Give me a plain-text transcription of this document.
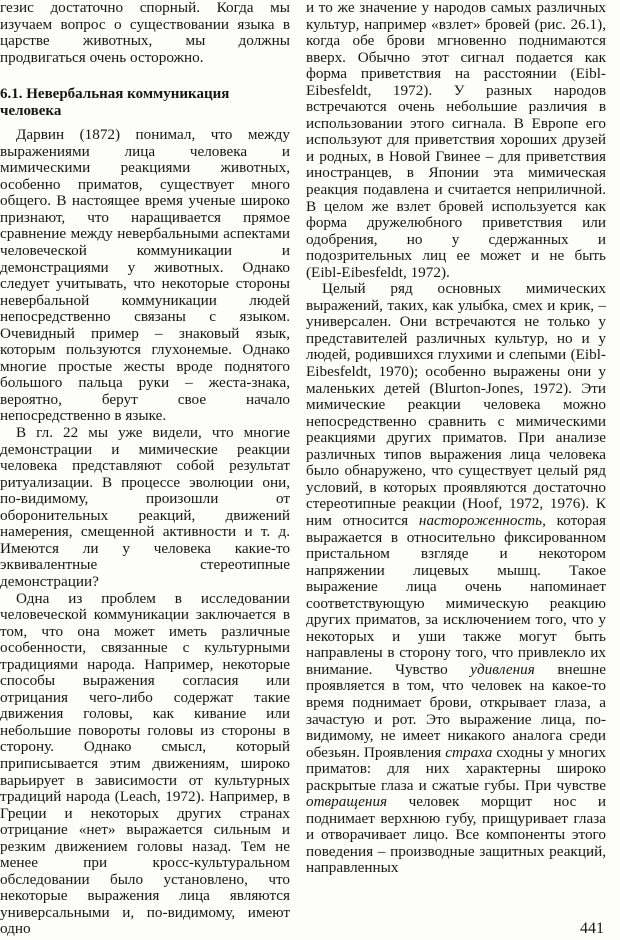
гезис достаточно спорный. Когда мы изучаем вопрос о существовании языка в царстве животных, мы должны продвигаться очень осторожно.

6.1. Невербальная коммуникация человека

Дарвин (1872) понимал, что между выражениями лица человека и мимическими реакциями животных, особенно приматов, существует много общего. В настоящее время ученые широко признают, что наращивается прямое сравнение между невербальными аспектами человеческой коммуникации и демонстрациями у животных. Однако следует учитывать, что некоторые стороны невербальной коммуникации людей непосредственно связаны с языком. Очевидный пример – знаковый язык, которым пользуются глухонемые. Однако многие простые жесты вроде поднятого большого пальца руки – жеста-знака, вероятно, берут свое начало непосредственно в языке.

В гл. 22 мы уже видели, что многие демонстрации и мимические реакции человека представляют собой результат ритуализации. В процессе эволюции они, по-видимому, произошли от оборонительных реакций, движений намерения, смещенной активности и т. д. Имеются ли у человека какие-то эквивалентные стереотипные демонстрации?

Одна из проблем в исследовании человеческой коммуникации заключается в том, что она может иметь различные особенности, связанные с культурными традициями народа. Например, некоторые способы выражения согласия или отрицания чего-либо содержат такие движения головы, как кивание или небольшие повороты головы из стороны в сторону. Однако смысл, который приписывается этим движениям, широко варьирует в зависимости от культурных традиций народа (Leach, 1972). Например, в Греции и некоторых других странах отрицание «нет» выражается сильным и резким движением головы назад. Тем не менее при кросс-культуральном обследовании было установлено, что некоторые выражения лица являются универсальными и, по-видимому, имеют одно

и то же значение у народов самых различных культур, например «взлет» бровей (рис. 26.1), когда обе брови мгновенно поднимаются вверх. Обычно этот сигнал подается как форма приветствия на расстоянии (Eibl-Eibesfeldt, 1972). У разных народов встречаются очень небольшие различия в использовании этого сигнала. В Европе его используют для приветствия хороших друзей и родных, в Новой Гвинее – для приветствия иностранцев, в Японии эта мимическая реакция подавлена и считается неприличной. В целом же взлет бровей используется как форма дружелюбного приветствия или одобрения, но у сдержанных и подозрительных лиц ее может и не быть (Eibl-Eibesfeldt, 1972).

Целый ряд основных мимических выражений, таких, как улыбка, смех и крик, – универсален. Они встречаются не только у представителей различных культур, но и у людей, родившихся глухими и слепыми (Eibl-Eibesfeldt, 1970); особенно выражены они у маленьких детей (Blurton-Jones, 1972). Эти мимические реакции человека можно непосредственно сравнить с мимическими реакциями других приматов. При анализе различных типов выражения лица человека было обнаружено, что существует целый ряд условий, в которых проявляются достаточно стереотипные реакции (Hoof, 1972, 1976). К ним относится настороженность, которая выражается в относительно фиксированном пристальном взгляде и некотором напряжении лицевых мышц. Такое выражение лица очень напоминает соответствующую мимическую реакцию других приматов, за исключением того, что у некоторых и уши также могут быть направлены в сторону того, что привлекло их внимание. Чувство удивления внешне проявляется в том, что человек на какое-то время поднимает брови, открывает глаза, а зачастую и рот. Это выражение лица, по-видимому, не имеет никакого аналога среди обезьян. Проявления страха сходны у многих приматов: для них характерны широко раскрытые глаза и сжатые губы. При чувстве отвращения человек морщит нос и поднимает верхнюю губу, прищуривает глаза и отворачивает лицо. Все компоненты этого поведения – производные защитных реакций, направленных

441
